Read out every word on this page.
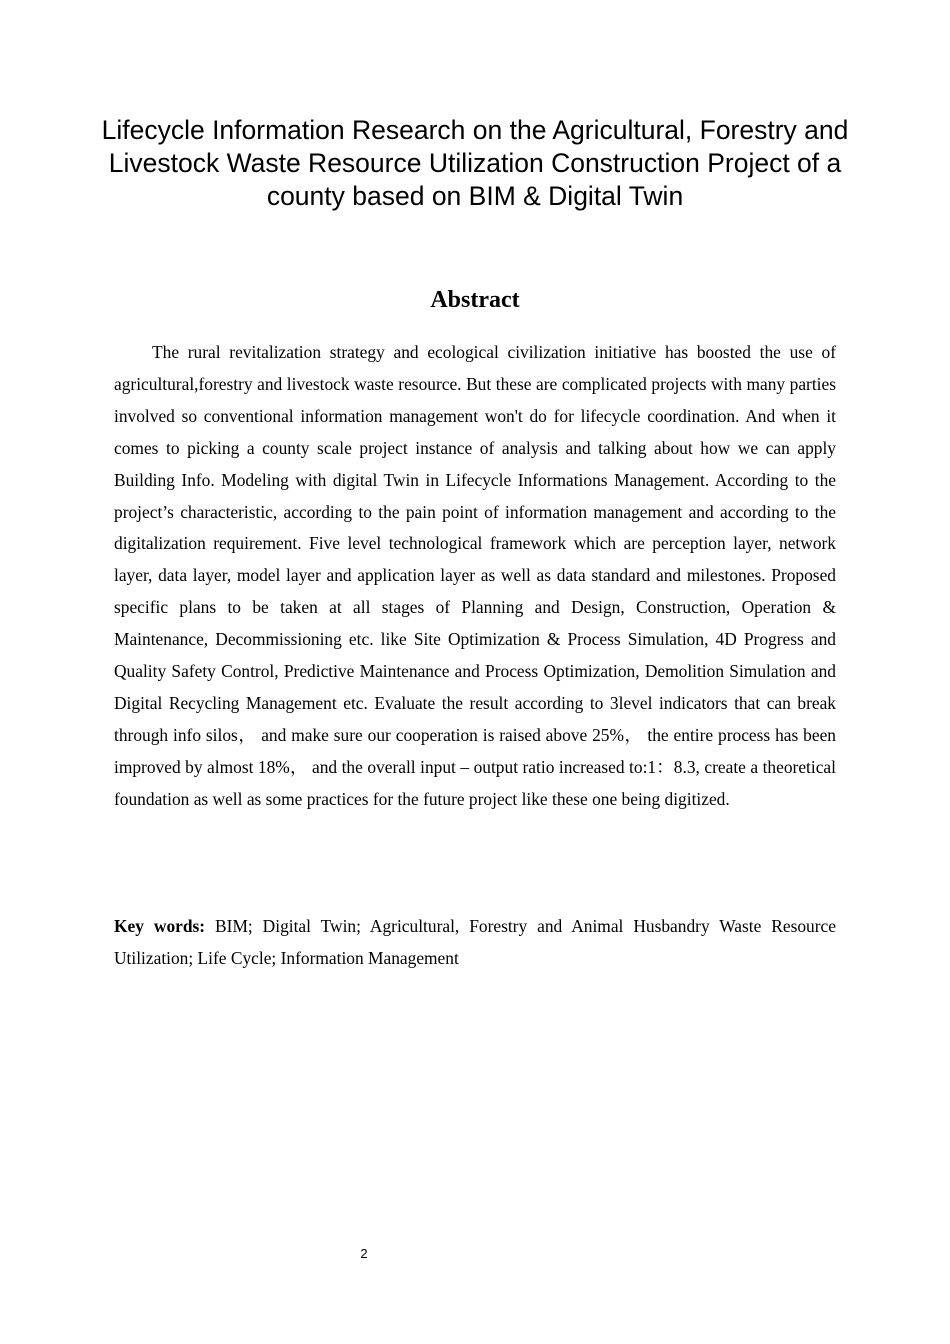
Lifecycle Information Research on the Agricultural, Forestry and Livestock Waste Resource Utilization Construction Project of a county based on BIM & Digital Twin
Abstract

The rural revitalization strategy and ecological civilization initiative has boosted the use of agricultural,forestry and livestock waste resource. But these are complicated projects with many parties involved so conventional information management won't do for lifecycle coordination. And when it comes to picking a county scale project instance of analysis and talking about how we can apply Building Info. Modeling with digital Twin in Lifecycle Informations Management. According to the project’s characteristic, according to the pain point of information management and according to the digitalization requirement. Five level technological framework which are perception layer, network layer, data layer, model layer and application layer as well as data standard and milestones. Proposed specific plans to be taken at all stages of Planning and Design, Construction, Operation & Maintenance, Decommissioning etc. like Site Optimization & Process Simulation, 4D Progress and Quality Safety Control, Predictive Maintenance and Process Optimization, Demolition Simulation and Digital Recycling Management etc. Evaluate the result according to 3level indicators that can break through info silos， and make sure our cooperation is raised above 25%， the entire process has been improved by almost 18%， and the overall input – output ratio increased to:1：8.3, create a theoretical foundation as well as some practices for the future project like these one being digitized.

Key words: BIM; Digital Twin; Agricultural, Forestry and Animal Husbandry Waste Resource Utilization; Life Cycle; Information Management

2
